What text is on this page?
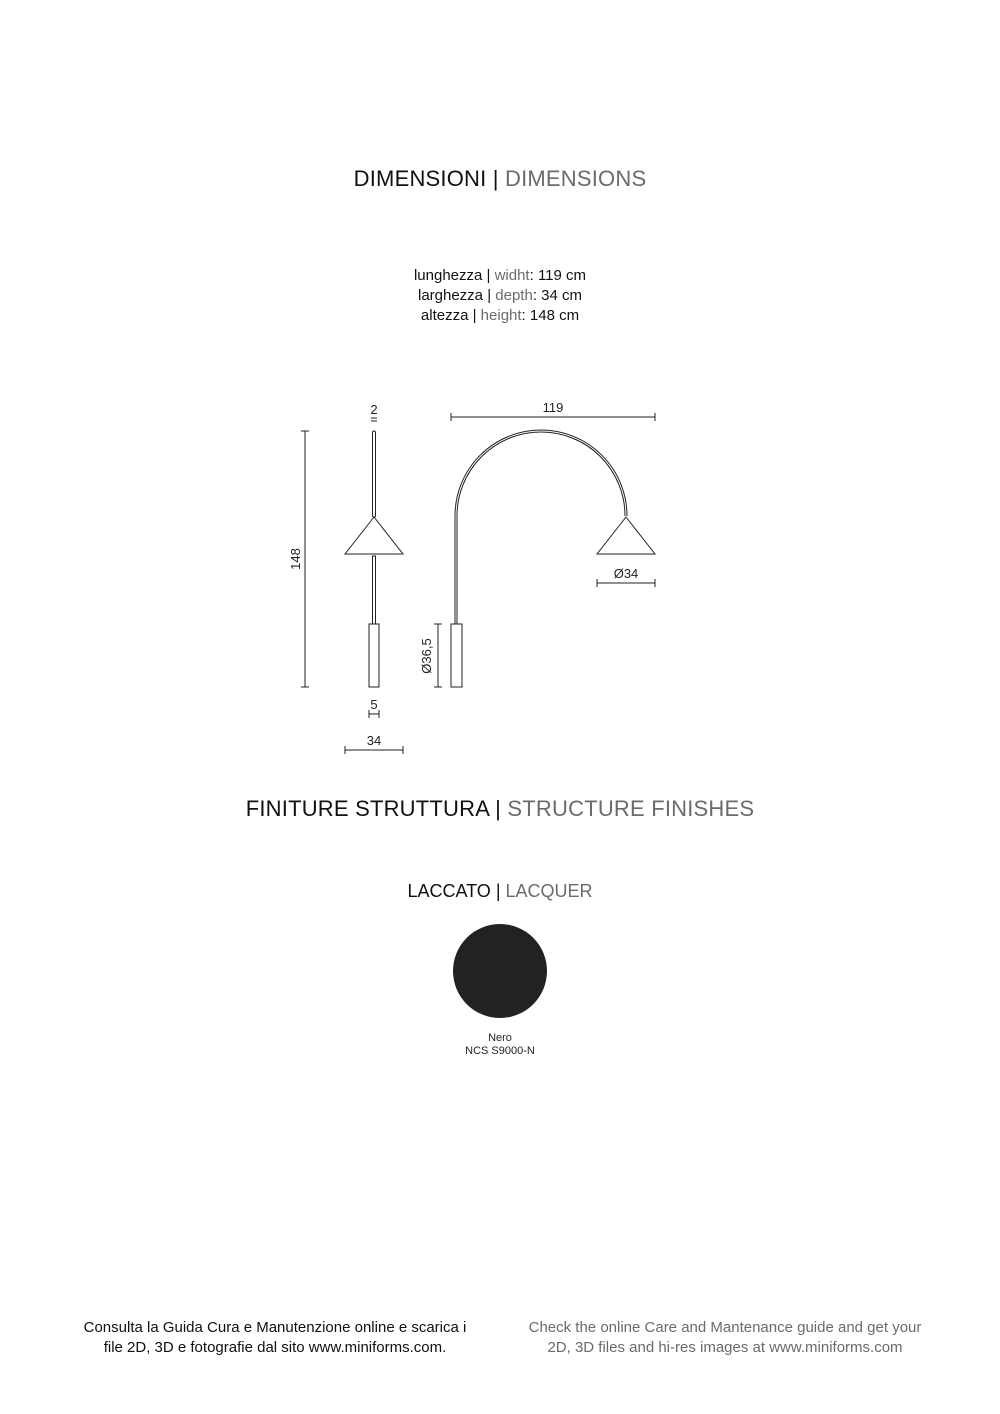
DIMENSIONI | DIMENSIONS
lunghezza | widht: 119 cm
larghezza | depth: 34 cm
altezza | height: 148 cm
2	119
148
Ø34
Ø36,5
5
34
FINITURE STRUTTURA | STRUCTURE FINISHES
LACCATO | LACQUER
Nero
NCS S9000-N
Consulta la Guida Cura e Manutenzione online e scarica i
file 2D, 3D e fotografie dal sito www.miniforms.com.
Check the online Care and Mantenance guide and get your
2D, 3D files and hi-res images at www.miniforms.com
